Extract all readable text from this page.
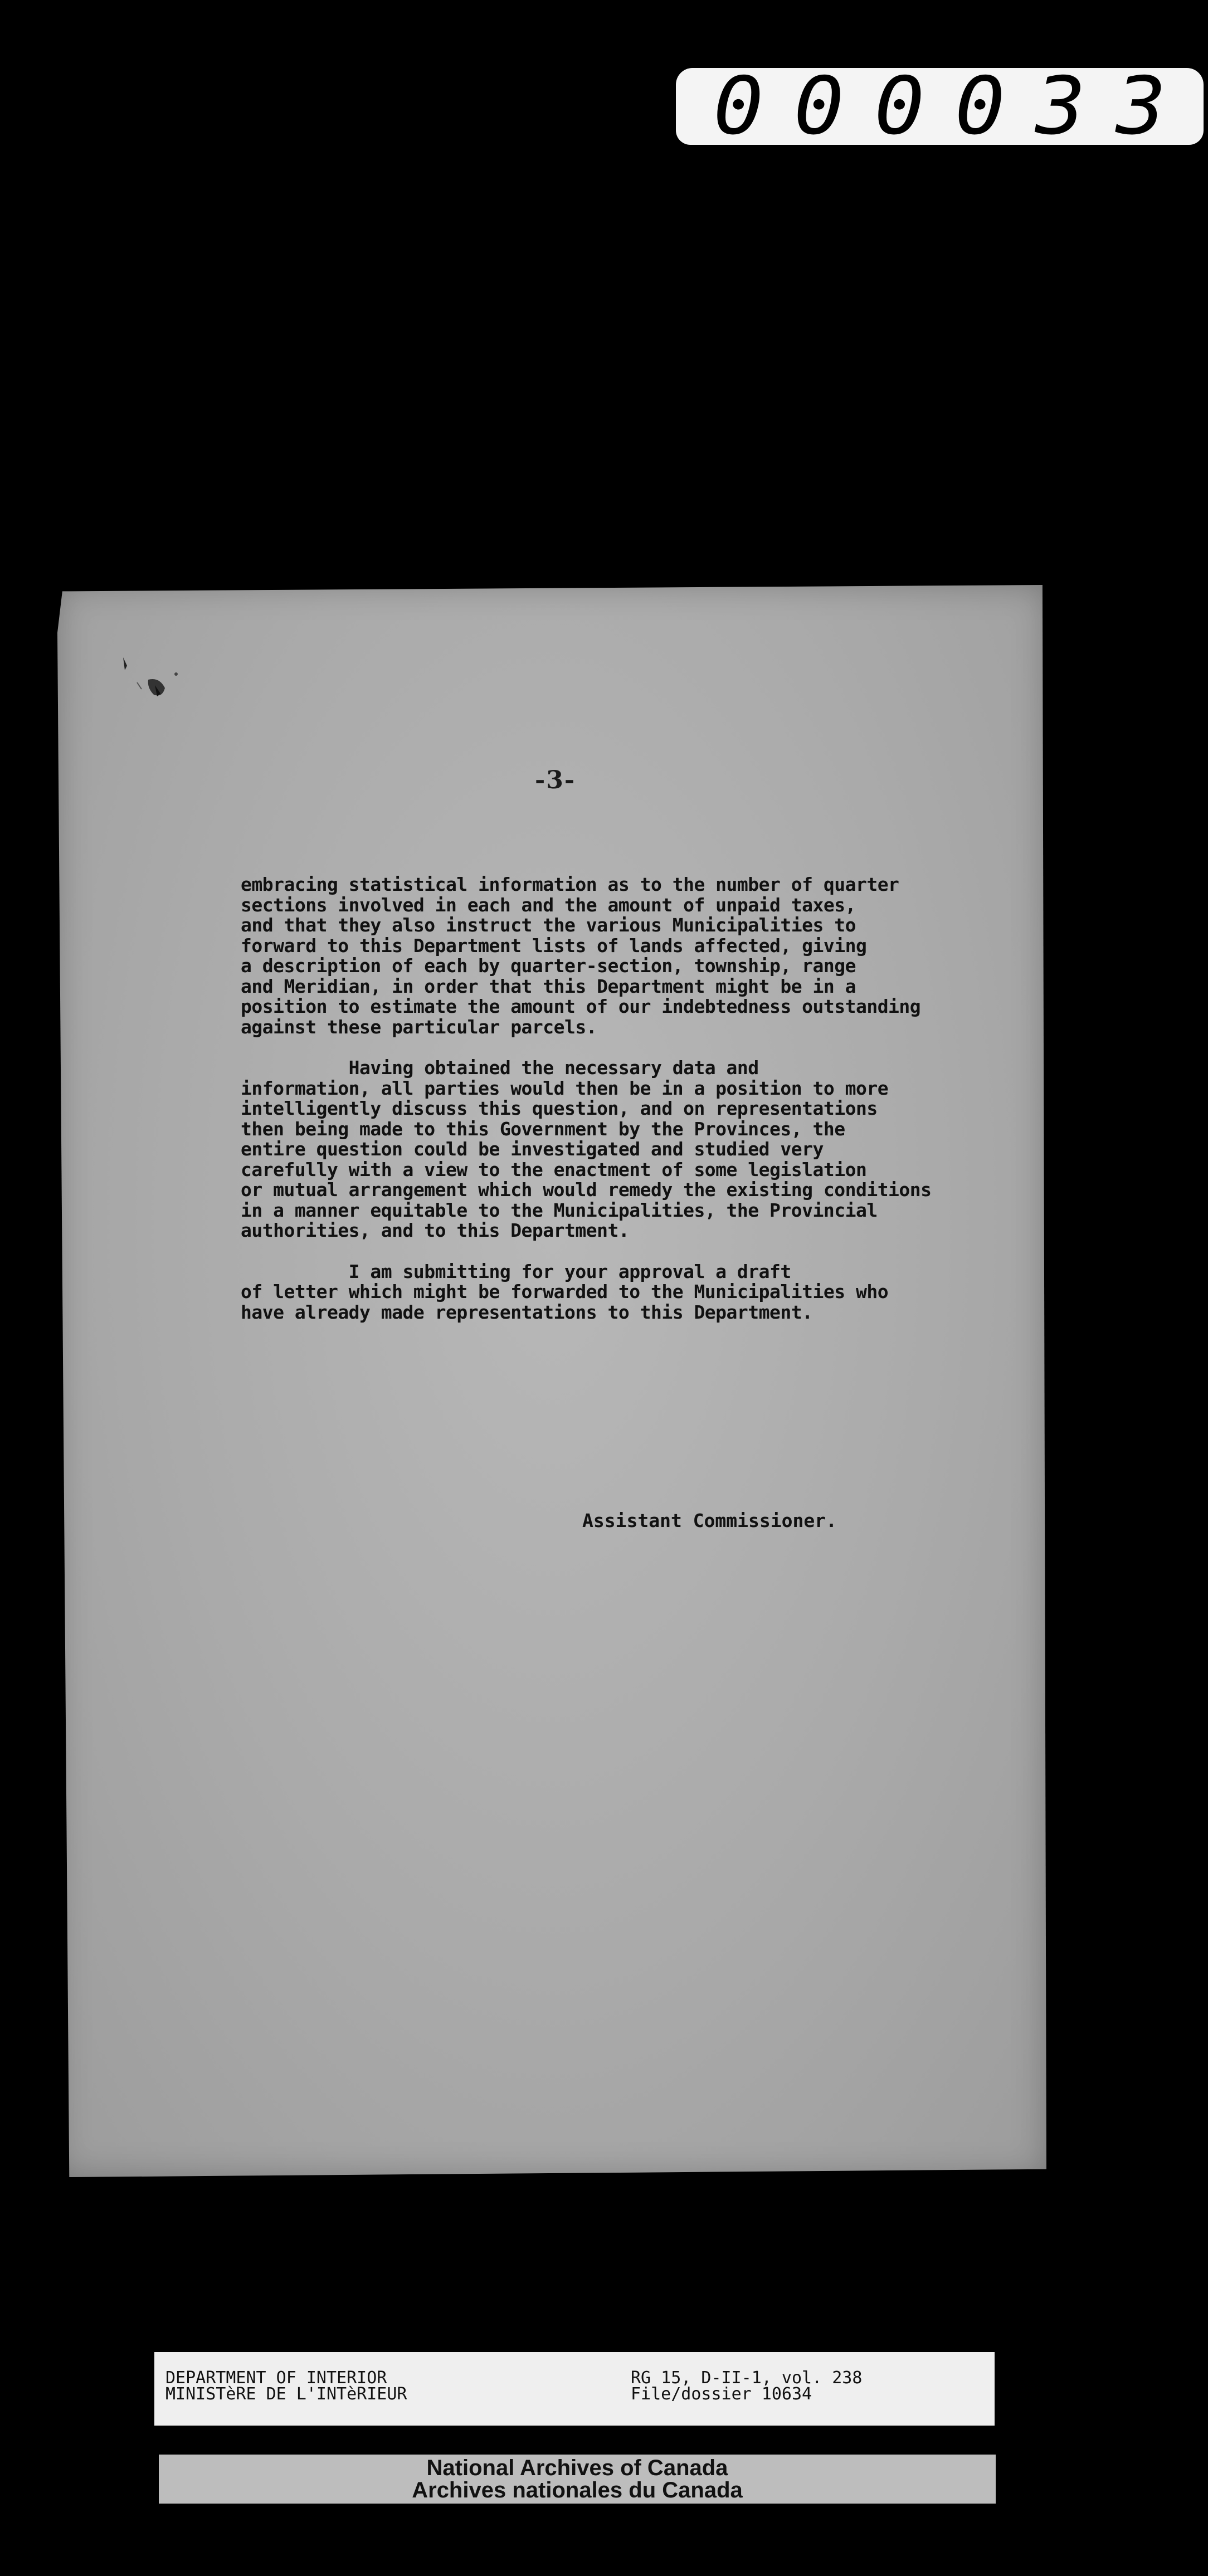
0 0 0 0 3 3
-3-

embracing statistical information as to the number of quarter
sections involved in each and the amount of unpaid taxes,
and that they also instruct the various Municipalities to
forward to this Department lists of lands affected, giving
a description of each by quarter-section, township, range
and Meridian, in order that this Department might be in a
position to estimate the amount of our indebtedness outstanding
against these particular parcels.

Having obtained the necessary data and
information, all parties would then be in a position to more
intelligently discuss this question, and on representations
then being made to this Government by the Provinces, the
entire question could be investigated and studied very
carefully with a view to the enactment of some legislation
or mutual arrangement which would remedy the existing conditions
in a manner equitable to the Municipalities, the Provincial
authorities, and to this Department.

I am submitting for your approval a draft
of letter which might be forwarded to the Municipalities who
have already made representations to this Department.

Assistant Commissioner.
DEPARTMENT OF INTERIOR
MINISTèRE DE L'INTèRIEUR
RG 15, D-II-1, vol. 238
File/dossier 10634
National Archives of Canada
Archives nationales du Canada
